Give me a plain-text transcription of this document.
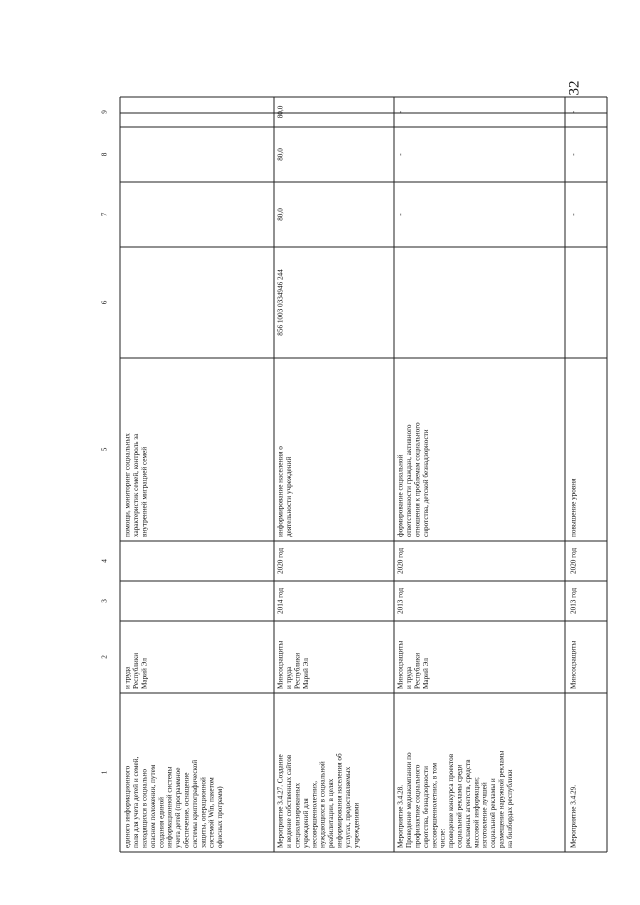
32
1
2
3
4
5
6
7
8
9
единого информационного поля для учета детей и семей, находящихся в социально опасном положении, путем создания единой информационной системы учета детей (программное обеспечение, оснащение системы криптографической защиты, операционной системой Win, пакетом офисных программ)
и труда Республики Марий Эл
помощи, мониторинг социальных характеристик семей, контроль за внутренней миграцией семей
Мероприятие 3.4.27. Создание и ведение собственных сайтов специализированных учреждений для несовершеннолетних, нуждающихся в социальной реабилитации, в целях информирования населения об услугах, предоставляемых учреждениями
Минсоцзащиты и труда Республики Марий Эл
2014 год
2020 год
информирование населения о деятельности учреждений
856 1003 0334946 244
80,0
80,0
80,0
Мероприятие 3.4.28. Проведение медиакампании по профилактике социального сиротства, безнадзорности несовершеннолетних, в том числе: проведение конкурса проектов социальной рекламы среди рекламных агентств, средств массовой информации; изготовление лучшей социальной рекламы и размещение наружной рекламы на билбордах республики
Минсоцзащиты и труда Республики Марий Эл
2013 год
2020 год
формирование социальной ответственности граждан, активного отношения к проблемам социального сиротства, детской безнадзорности
-
-
-
Мероприятие 3.4.29.
Минсоцзащиты
2013 год
2020 год
повышение уровня
-
-
-
